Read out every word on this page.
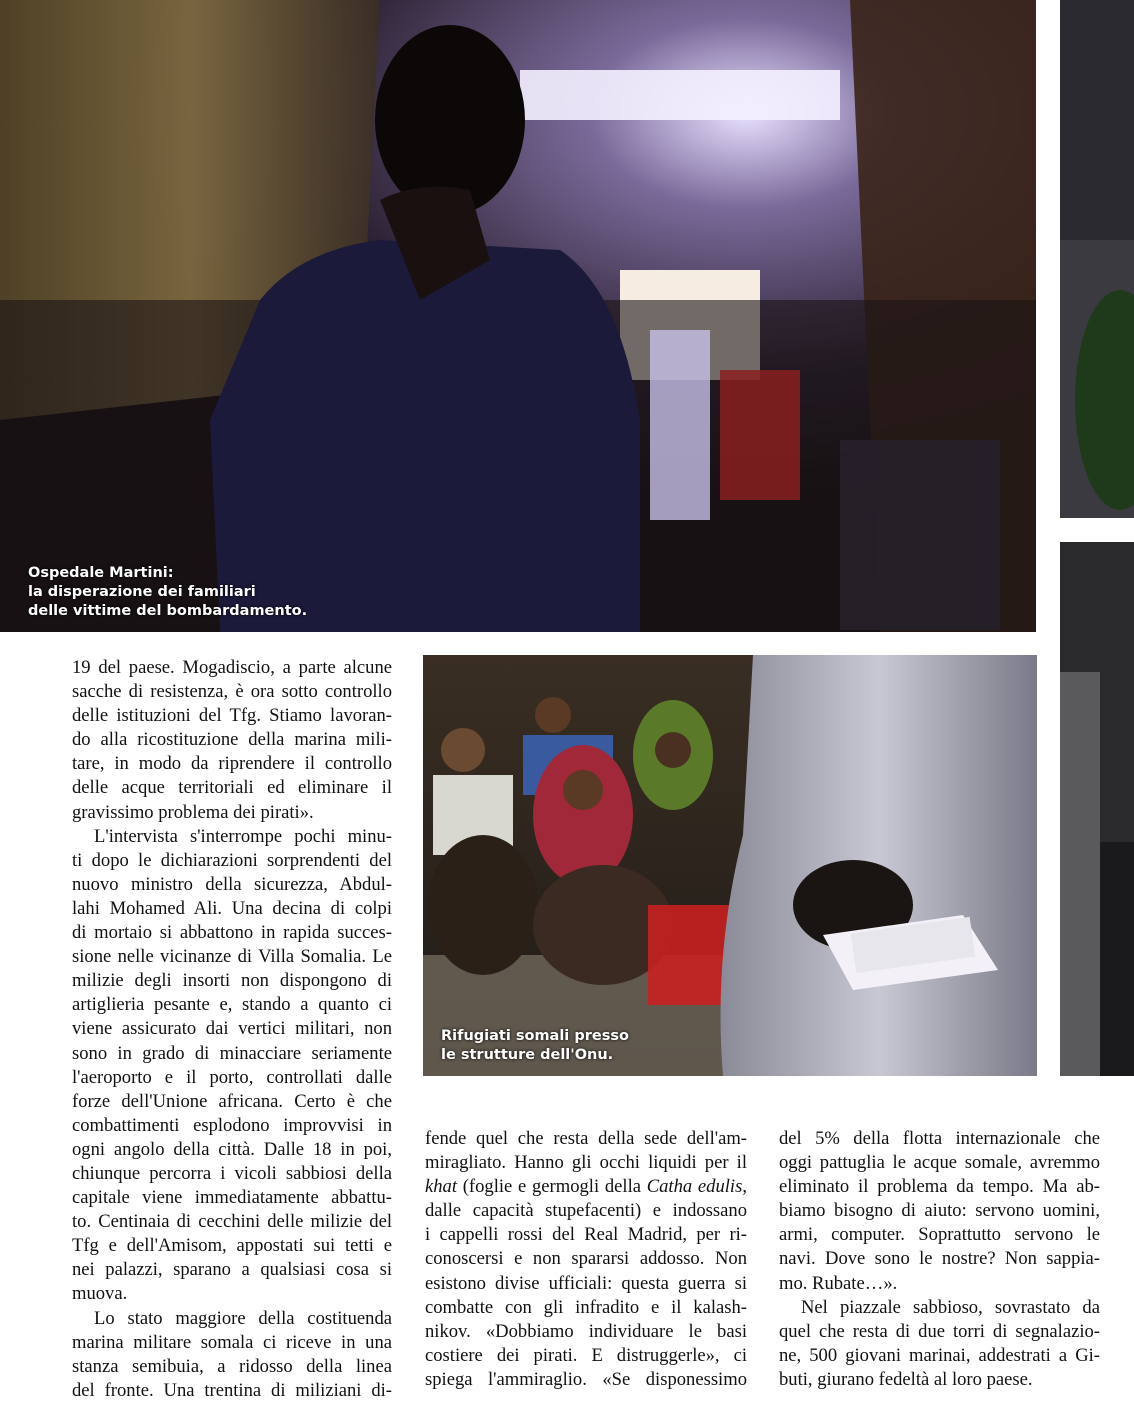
Ospedale Martini:
la disperazione dei familiari
delle vittime del bombardamento.
Rifugiati somali presso
le strutture dell'Onu.
19 del paese. Mogadiscio, a parte alcune
sacche di resistenza, è ora sotto controllo
delle istituzioni del Tfg. Stiamo lavoran-
do alla ricostituzione della marina mili-
tare, in modo da riprendere il controllo
delle acque territoriali ed eliminare il
gravissimo problema dei pirati».
L'intervista s'interrompe pochi minu-
ti dopo le dichiarazioni sorprendenti del
nuovo ministro della sicurezza, Abdul-
lahi Mohamed Ali. Una decina di colpi
di mortaio si abbattono in rapida succes-
sione nelle vicinanze di Villa Somalia. Le
milizie degli insorti non dispongono di
artiglieria pesante e, stando a quanto ci
viene assicurato dai vertici militari, non
sono in grado di minacciare seriamente
l'aeroporto e il porto, controllati dalle
forze dell'Unione africana. Certo è che
combattimenti esplodono improvvisi in
ogni angolo della città. Dalle 18 in poi,
chiunque percorra i vicoli sabbiosi della
capitale viene immediatamente abbattu-
to. Centinaia di cecchini delle milizie del
Tfg e dell'Amisom, appostati sui tetti e
nei palazzi, sparano a qualsiasi cosa si
muova.
Lo stato maggiore della costituenda
marina militare somala ci riceve in una
stanza semibuia, a ridosso della linea
del fronte. Una trentina di miliziani di-
fende quel che resta della sede dell'am-
miragliato. Hanno gli occhi liquidi per il
khat (foglie e germogli della Catha edulis,
dalle capacità stupefacenti) e indossano
i cappelli rossi del Real Madrid, per ri-
conoscersi e non spararsi addosso. Non
esistono divise ufficiali: questa guerra si
combatte con gli infradito e il kalash-
nikov. «Dobbiamo individuare le basi
costiere dei pirati. E distruggerle», ci
spiega l'ammiraglio. «Se disponessimo
del 5% della flotta internazionale che
oggi pattuglia le acque somale, avremmo
eliminato il problema da tempo. Ma ab-
biamo bisogno di aiuto: servono uomini,
armi, computer. Soprattutto servono le
navi. Dove sono le nostre? Non sappia-
mo. Rubate…».
Nel piazzale sabbioso, sovrastato da
quel che resta di due torri di segnalazio-
ne, 500 giovani marinai, addestrati a Gi-
buti, giurano fedeltà al loro paese.
